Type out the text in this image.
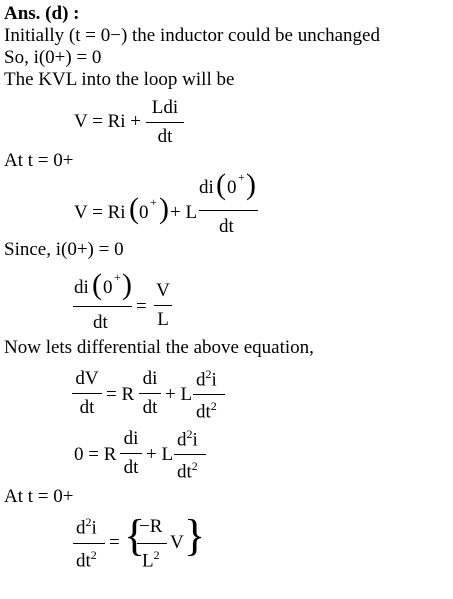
Ans. (d) :
Initially (t = 0−) the inductor could be unchanged
So, i(0+) = 0
The KVL into the loop will be
V = Ri +
Ldi
dt
At t = 0+
V = Ri ( 0 + ) + L
di ( 0 + )
dt
Since, i(0+) = 0
di ( 0 + )
dt
=
V
L
Now lets differential the above equation,
dV
dt
= R
di
dt
+ L
$d^2i$
$dt^2$
0 = R
di
dt
+ L
$d^2i$
$dt^2$
At t = 0+
$d^2i$
$dt^2$
= {
−R
$L^2$
V }
